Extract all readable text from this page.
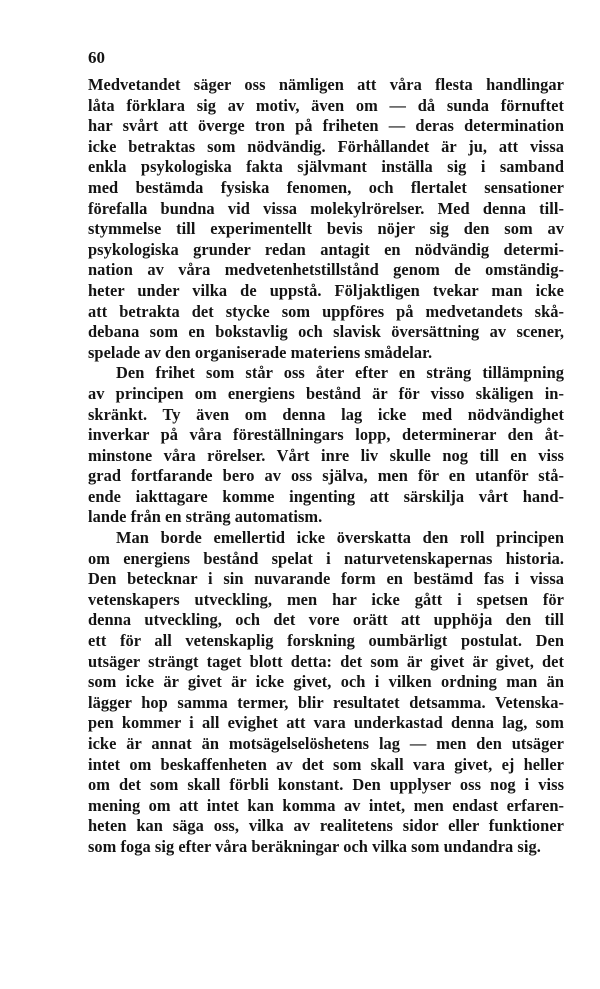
60
Medvetandet säger oss nämligen att våra flesta handlingar
låta förklara sig av motiv, även om — då sunda förnuftet
har svårt att överge tron på friheten — deras determination
icke betraktas som nödvändig. Förhållandet är ju, att vissa
enkla psykologiska fakta självmant inställa sig i samband
med bestämda fysiska fenomen, och flertalet sensationer
förefalla bundna vid vissa molekylrörelser. Med denna till-
stymmelse till experimentellt bevis nöjer sig den som av
psykologiska grunder redan antagit en nödvändig determi-
nation av våra medvetenhetstillstånd genom de omständig-
heter under vilka de uppstå. Följaktligen tvekar man icke
att betrakta det stycke som uppföres på medvetandets skå-
debana som en bokstavlig och slavisk översättning av scener,
spelade av den organiserade materiens smådelar.
Den frihet som står oss åter efter en sträng tillämpning
av principen om energiens bestånd är för visso skäligen in-
skränkt. Ty även om denna lag icke med nödvändighet
inverkar på våra föreställningars lopp, determinerar den åt-
minstone våra rörelser. Vårt inre liv skulle nog till en viss
grad fortfarande bero av oss själva, men för en utanför stå-
ende iakttagare komme ingenting att särskilja vårt hand-
lande från en sträng automatism.
Man borde emellertid icke överskatta den roll principen
om energiens bestånd spelat i naturvetenskapernas historia.
Den betecknar i sin nuvarande form en bestämd fas i vissa
vetenskapers utveckling, men har icke gått i spetsen för
denna utveckling, och det vore orätt att upphöja den till
ett för all vetenskaplig forskning oumbärligt postulat. Den
utsäger strängt taget blott detta: det som är givet är givet, det
som icke är givet är icke givet, och i vilken ordning man än
lägger hop samma termer, blir resultatet detsamma. Vetenska-
pen kommer i all evighet att vara underkastad denna lag, som
icke är annat än motsägelselöshetens lag — men den utsäger
intet om beskaffenheten av det som skall vara givet, ej heller
om det som skall förbli konstant. Den upplyser oss nog i viss
mening om att intet kan komma av intet, men endast erfaren-
heten kan säga oss, vilka av realitetens sidor eller funktioner
som foga sig efter våra beräkningar och vilka som undandra sig.
